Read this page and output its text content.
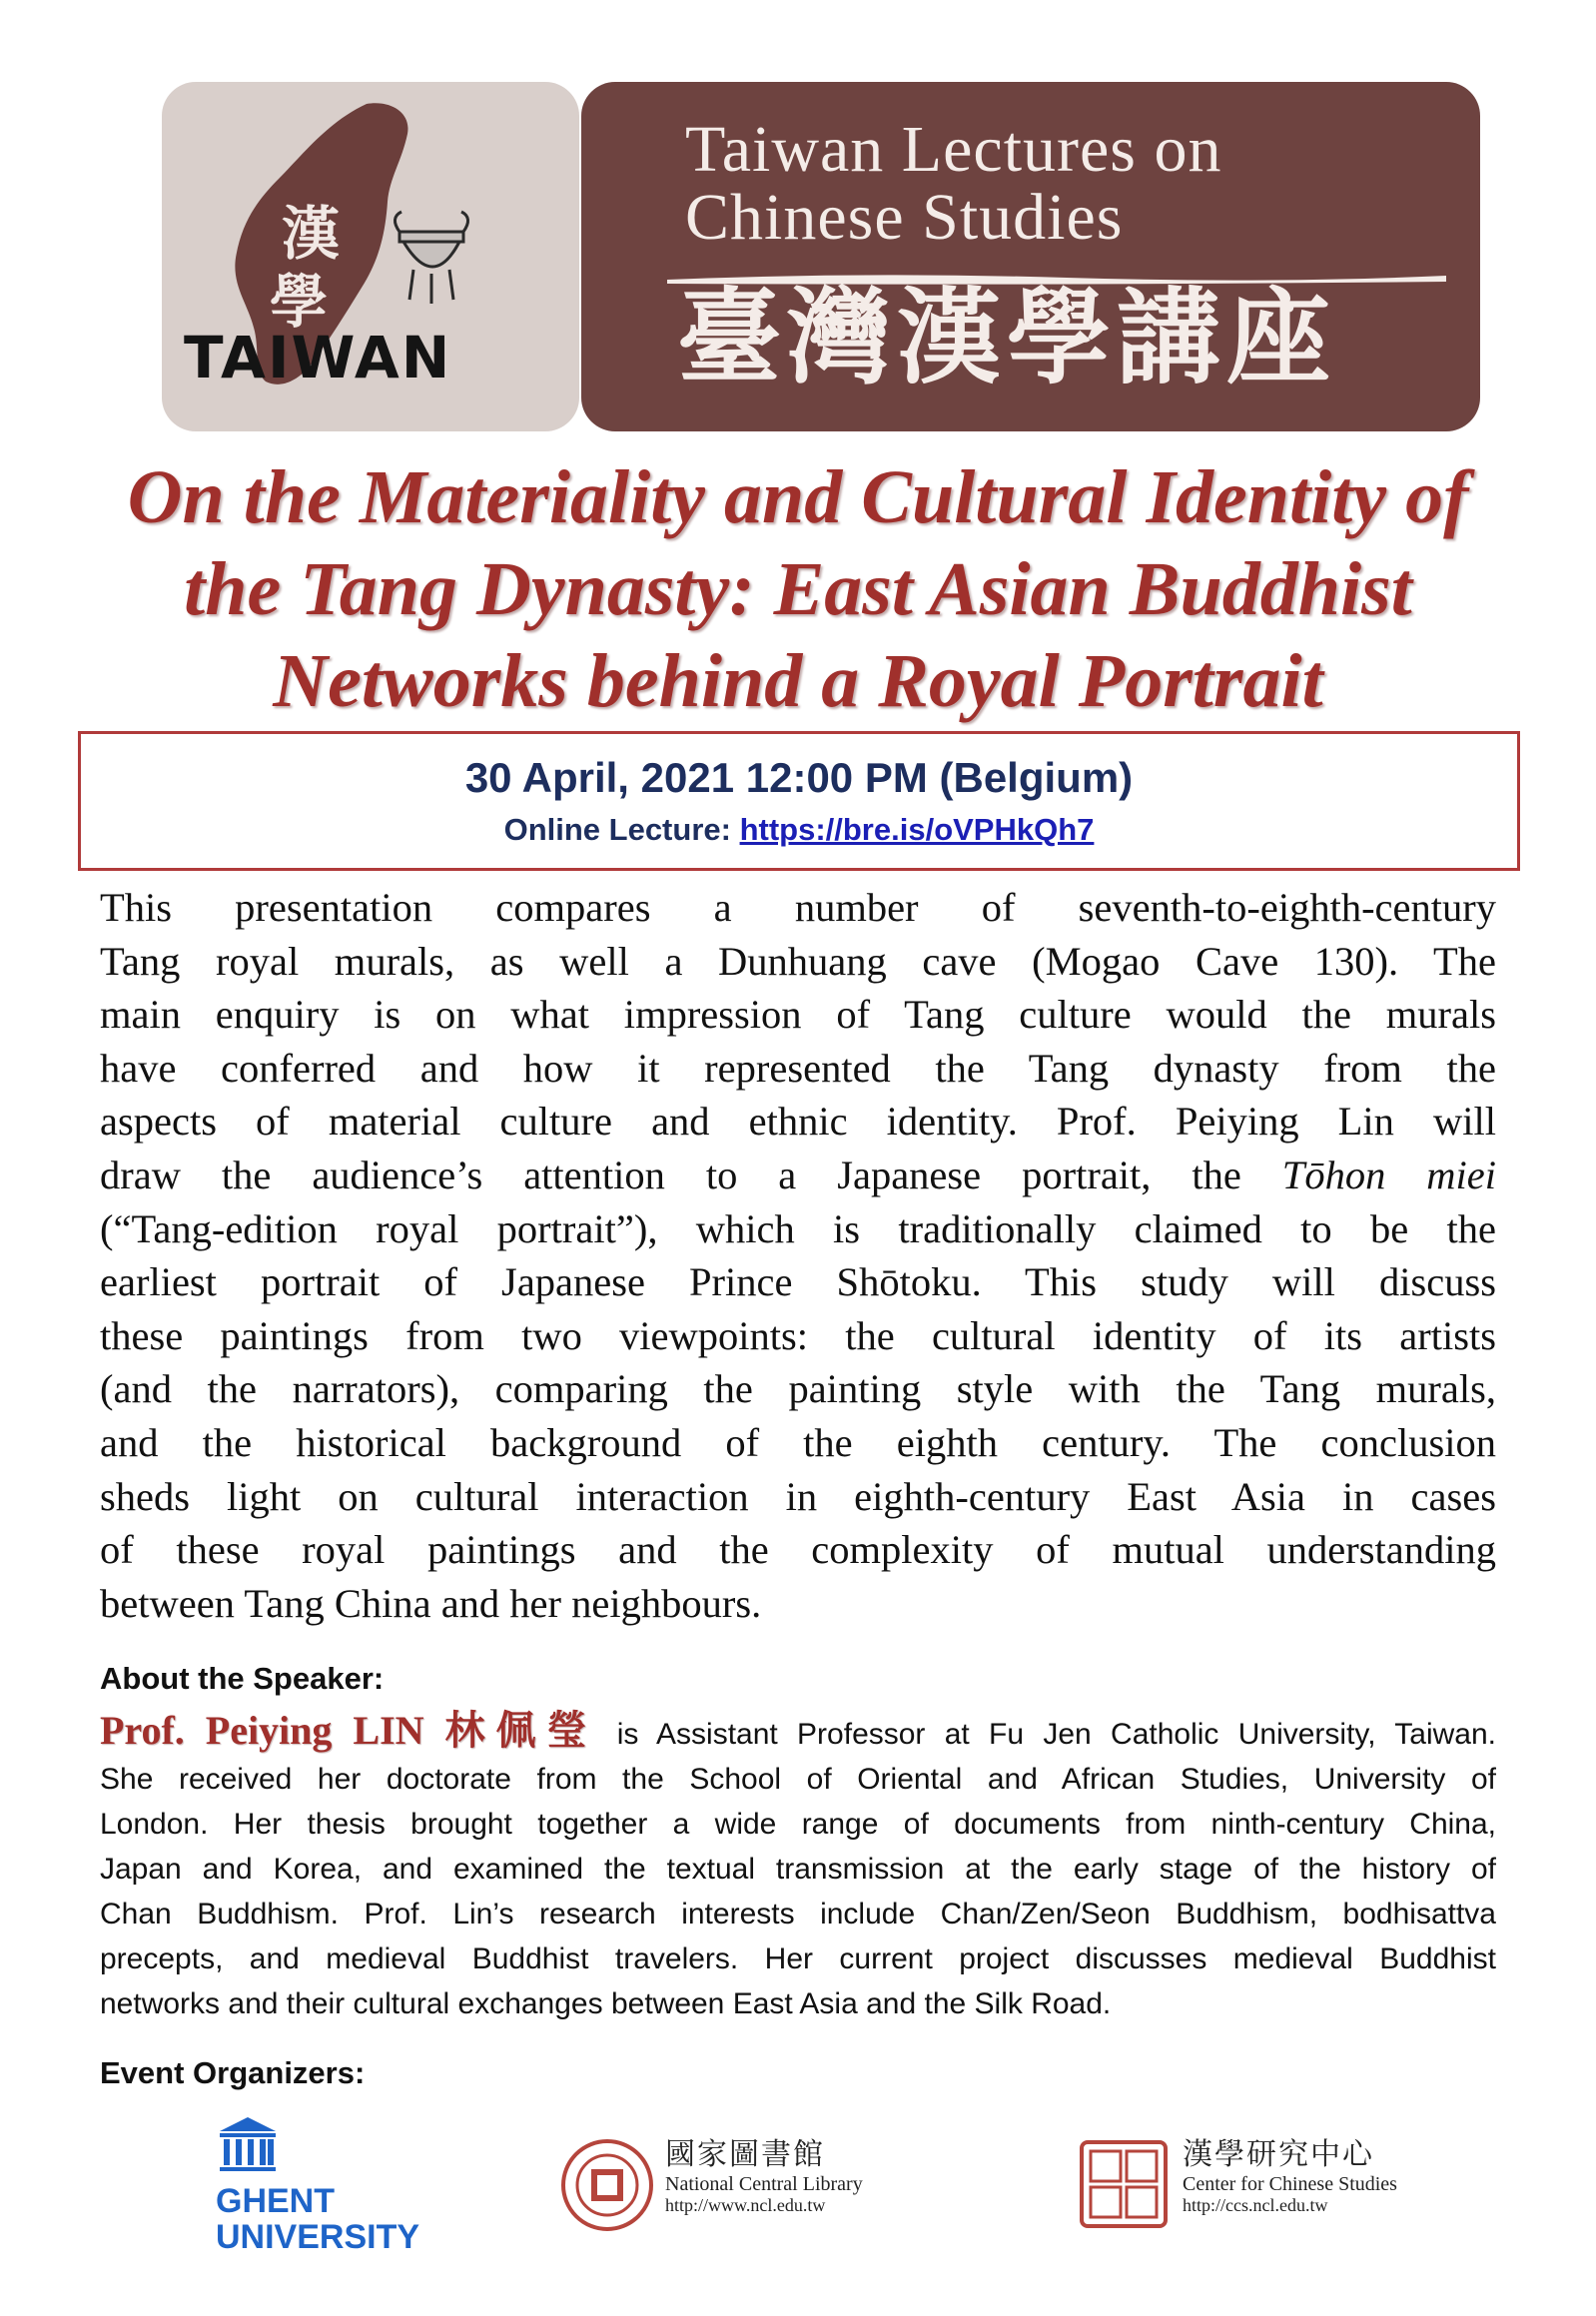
漢
學
TAIWAN
Taiwan Lectures on
Chinese Studies
臺灣漢學講座
On the Materiality and Cultural Identity of
the Tang Dynasty: East Asian Buddhist
Networks behind a Royal Portrait
30 April, 2021 12:00 PM (Belgium)
Online Lecture: https://bre.is/oVPHkQh7
This presentation compares a number of seventh-to-eighth-century
Tang royal murals, as well a Dunhuang cave (Mogao Cave 130). The
main enquiry is on what impression of Tang culture would the murals
have conferred and how it represented the Tang dynasty from the
aspects of material culture and ethnic identity. Prof. Peiying Lin will
draw the audience’s attention to a Japanese portrait, the Tōhon miei
(“Tang-edition royal portrait”), which is traditionally claimed to be the
earliest portrait of Japanese Prince Shōtoku. This study will discuss
these paintings from two viewpoints: the cultural identity of its artists
(and the narrators), comparing the painting style with the Tang murals,
and the historical background of the eighth century. The conclusion
sheds light on cultural interaction in eighth-century East Asia in cases
of these royal paintings and the complexity of mutual understanding
between Tang China and her neighbours.
About the Speaker:
Prof. Peiying LIN 林佩瑩 is Assistant Professor at Fu Jen Catholic University, Taiwan.
She received her doctorate from the School of Oriental and African Studies, University of
London. Her thesis brought together a wide range of documents from ninth-century China,
Japan and Korea, and examined the textual transmission at the early stage of the history of
Chan Buddhism. Prof. Lin’s research interests include Chan/Zen/Seon Buddhism, bodhisattva
precepts, and medieval Buddhist travelers. Her current project discusses medieval Buddhist
networks and their cultural exchanges between East Asia and the Silk Road.
Event Organizers:
GHENT
UNIVERSITY
國家圖書館
National Central Library
http://www.ncl.edu.tw
漢學研究中心
Center for Chinese Studies
http://ccs.ncl.edu.tw
